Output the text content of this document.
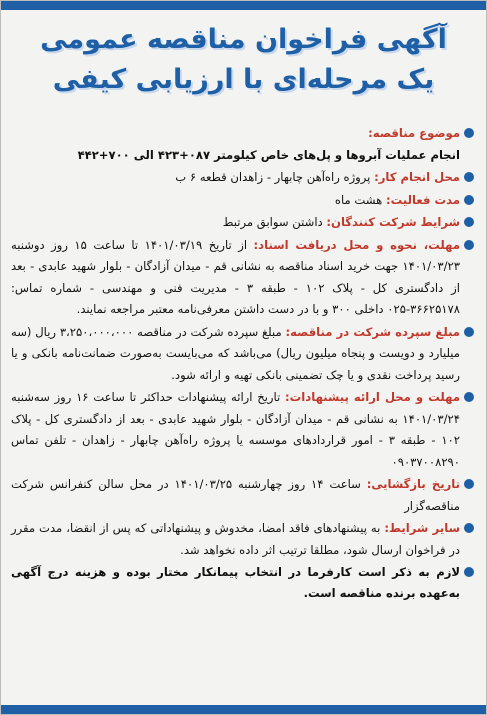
آگهی فراخوان مناقصه عمومی
یک مرحله‌ای با ارزیابی کیفی
موضوع مناقصه:
انجام عملیات آبروها و پل‌های خاص کیلومتر ۰۸۷+۴۲۳ الی ۷۰۰+۴۴۲
محل انجام کار: پروژه راه‌آهن چابهار - زاهدان قطعه ۶ ب
مدت فعالیت: هشت ماه
شرایط شرکت کنندگان: داشتن سوابق مرتبط
مهلت، نحوه و محل دریافت اسناد: از تاریخ ۱۴۰۱/۰۳/۱۹ تا ساعت ۱۵ روز دوشنبه ۱۴۰۱/۰۳/۲۳ جهت خرید اسناد مناقصه به نشانی قم - میدان آزادگان - بلوار شهید عابدی - بعد از دادگستری کل - پلاک ۱۰۲ - طبقه ۳ - مدیریت فنی و مهندسی - شماره تماس: ۳۶۶۲۵۱۷۸-۰۲۵ داخلی ۳۰۰ و با در دست داشتن معرفی‌نامه معتبر مراجعه نمایند.
مبلغ سپرده شرکت در مناقصه: مبلغ سپرده شرکت در مناقصه ۳،۲۵۰،۰۰۰،۰۰۰ ریال (سه میلیارد و دویست و پنجاه میلیون ریال) می‌باشد که می‌بایست به‌صورت ضمانت‌نامه بانکی و یا رسید پرداخت نقدی و یا چک تضمینی بانکی تهیه و ارائه شود.
مهلت و محل ارائه پیشنهادات: تاریخ ارائه پیشنهادات حداکثر تا ساعت ۱۶ روز سه‌شنبه ۱۴۰۱/۰۳/۲۴ به نشانی قم - میدان آزادگان - بلوار شهید عابدی - بعد از دادگستری کل - پلاک ۱۰۲ - طبقه ۳ - امور قراردادهای موسسه یا پروژه راه‌آهن چابهار - زاهدان - تلفن تماس ۰۹۰۳۷۰۰۸۲۹۰
تاریخ بازگشایی: ساعت ۱۴ روز چهارشنبه ۱۴۰۱/۰۳/۲۵ در محل سالن کنفرانس شرکت مناقصه‌گزار
سایر شرایط: به پیشنهادهای فاقد امضا، مخدوش و پیشنهاداتی که پس از انقضا، مدت مقرر در فراخوان ارسال شود، مطلقا ترتیب اثر داده نخواهد شد.
لازم به ذکر است کارفرما در انتخاب پیمانکار مختار بوده و هزینه درج آگهی به‌عهده برنده مناقصه است.
